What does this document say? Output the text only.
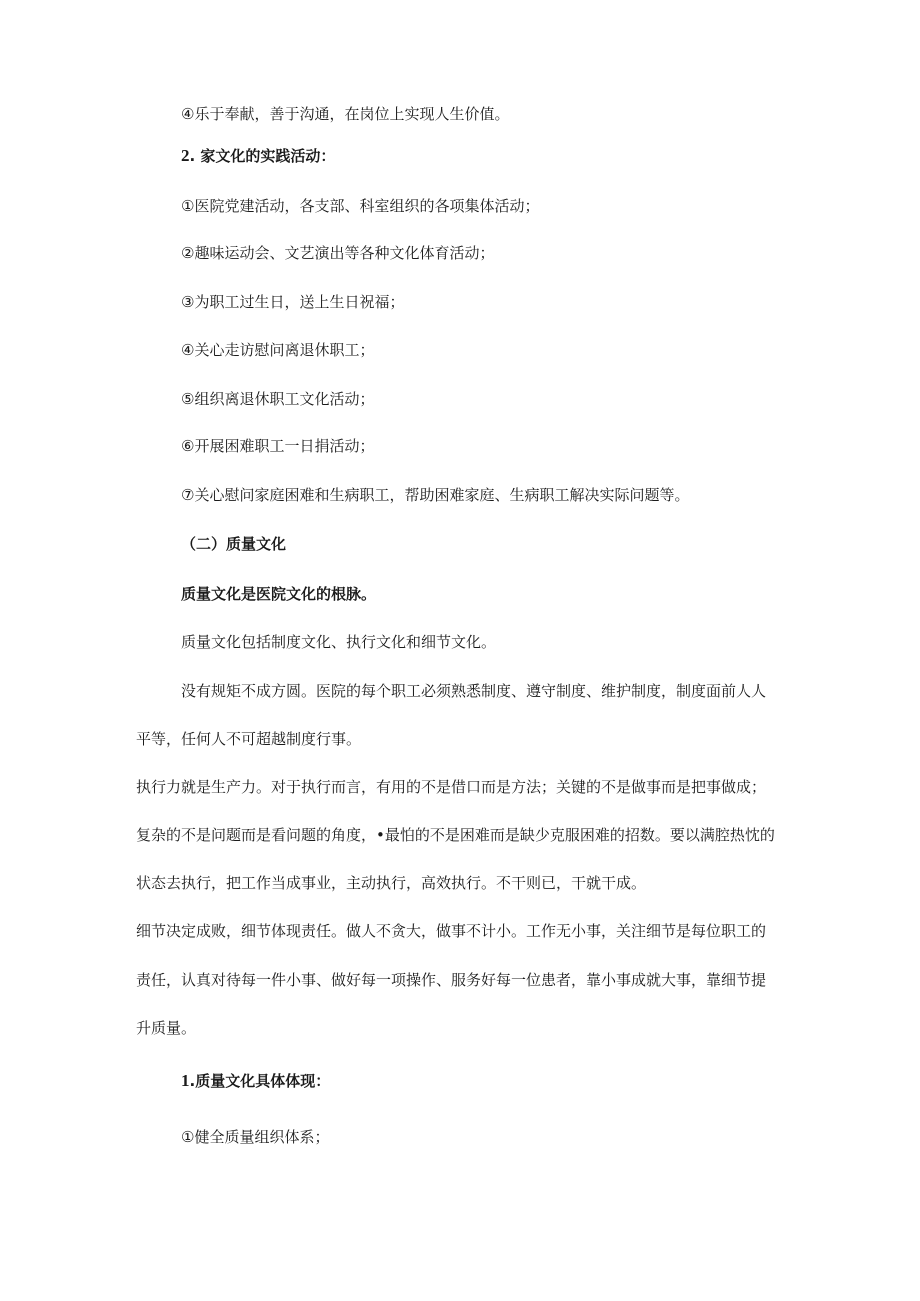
④乐于奉献，善于沟通，在岗位上实现人生价值。

2. 家文化的实践活动：

①医院党建活动，各支部、科室组织的各项集体活动；

②趣味运动会、文艺演出等各种文化体育活动；

③为职工过生日，送上生日祝福；

④关心走访慰问离退休职工；

⑤组织离退休职工文化活动；

⑥开展困难职工一日捐活动；

⑦关心慰问家庭困难和生病职工，帮助困难家庭、生病职工解决实际问题等。

（二）质量文化

质量文化是医院文化的根脉。

质量文化包括制度文化、执行文化和细节文化。

没有规矩不成方圆。医院的每个职工必须熟悉制度、遵守制度、维护制度，制度面前人人

平等，任何人不可超越制度行事。

执行力就是生产力。对于执行而言，有用的不是借口而是方法；关键的不是做事而是把事做成；

复杂的不是问题而是看问题的角度，•最怕的不是困难而是缺少克服困难的招数。要以满腔热忱的

状态去执行，把工作当成事业，主动执行，高效执行。不干则已，干就干成。

细节决定成败，细节体现责任。做人不贪大，做事不计小。工作无小事，关注细节是每位职工的

责任，认真对待每一件小事、做好每一项操作、服务好每一位患者，靠小事成就大事，靠细节提

升质量。

1.质量文化具体体现：

①健全质量组织体系；
